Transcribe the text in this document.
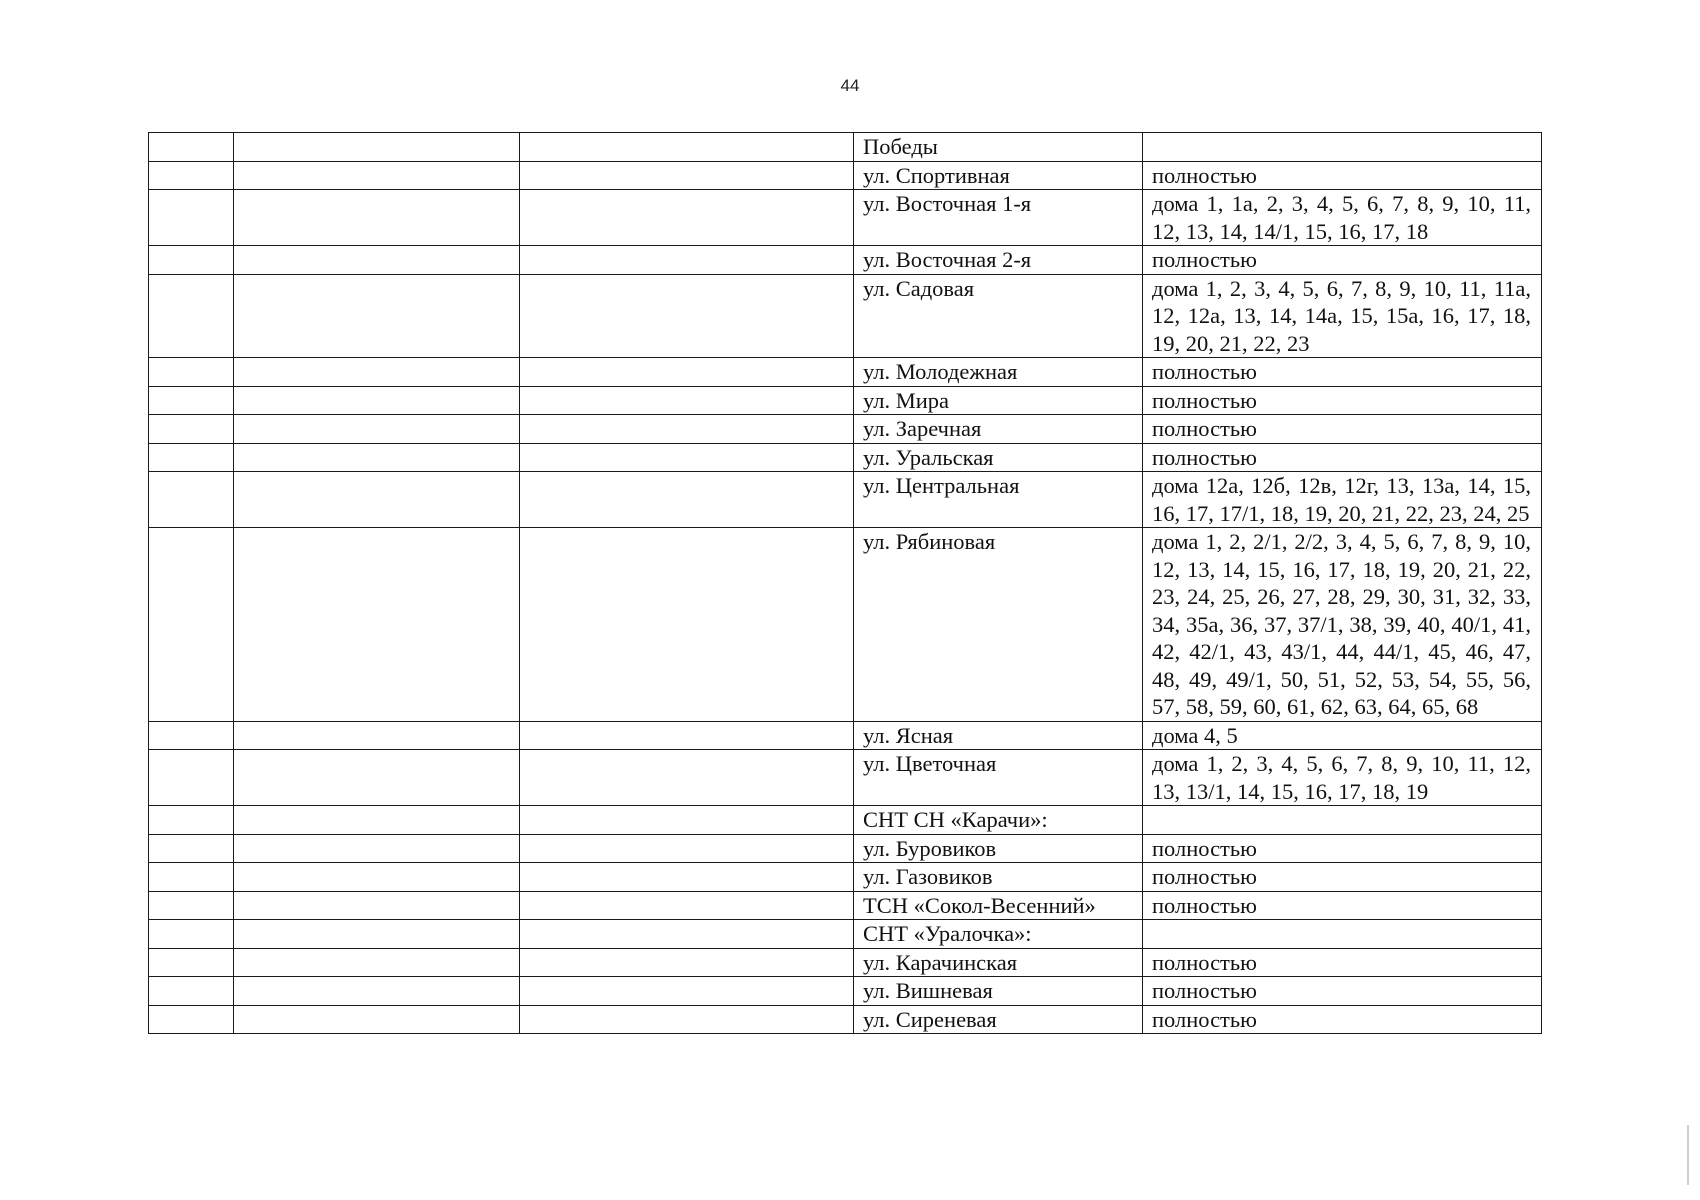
44
			Победы	
			ул. Спортивная	полностью
			ул. Восточная 1-я	дома 1, 1а, 2, 3, 4, 5, 6, 7, 8, 9, 10, 11, 12, 13, 14, 14/1, 15, 16, 17, 18
			ул. Восточная 2-я	полностью
			ул. Садовая	дома 1, 2, 3, 4, 5, 6, 7, 8, 9, 10, 11, 11а, 12, 12а, 13, 14, 14а, 15, 15а, 16, 17, 18, 19, 20, 21, 22, 23
			ул. Молодежная	полностью
			ул. Мира	полностью
			ул. Заречная	полностью
			ул. Уральская	полностью
			ул. Центральная	дома 12а, 12б, 12в, 12г, 13, 13а, 14, 15, 16, 17, 17/1, 18, 19, 20, 21, 22, 23, 24, 25
			ул. Рябиновая	дома 1, 2, 2/1, 2/2, 3, 4, 5, 6, 7, 8, 9, 10, 12, 13, 14, 15, 16, 17, 18, 19, 20, 21, 22, 23, 24, 25, 26, 27, 28, 29, 30, 31, 32, 33, 34, 35а, 36, 37, 37/1, 38, 39, 40, 40/1, 41, 42, 42/1, 43, 43/1, 44, 44/1, 45, 46, 47, 48, 49, 49/1, 50, 51, 52, 53, 54, 55, 56, 57, 58, 59, 60, 61, 62, 63, 64, 65, 68
			ул. Ясная	дома 4, 5
			ул. Цветочная	дома 1, 2, 3, 4, 5, 6, 7, 8, 9, 10, 11, 12, 13, 13/1, 14, 15, 16, 17, 18, 19
			СНТ СН «Карачи»:	
			ул. Буровиков	полностью
			ул. Газовиков	полностью
			ТСН «Сокол-Весенний»	полностью
			СНТ «Уралочка»:	
			ул. Карачинская	полностью
			ул. Вишневая	полностью
			ул. Сиреневая	полностью
